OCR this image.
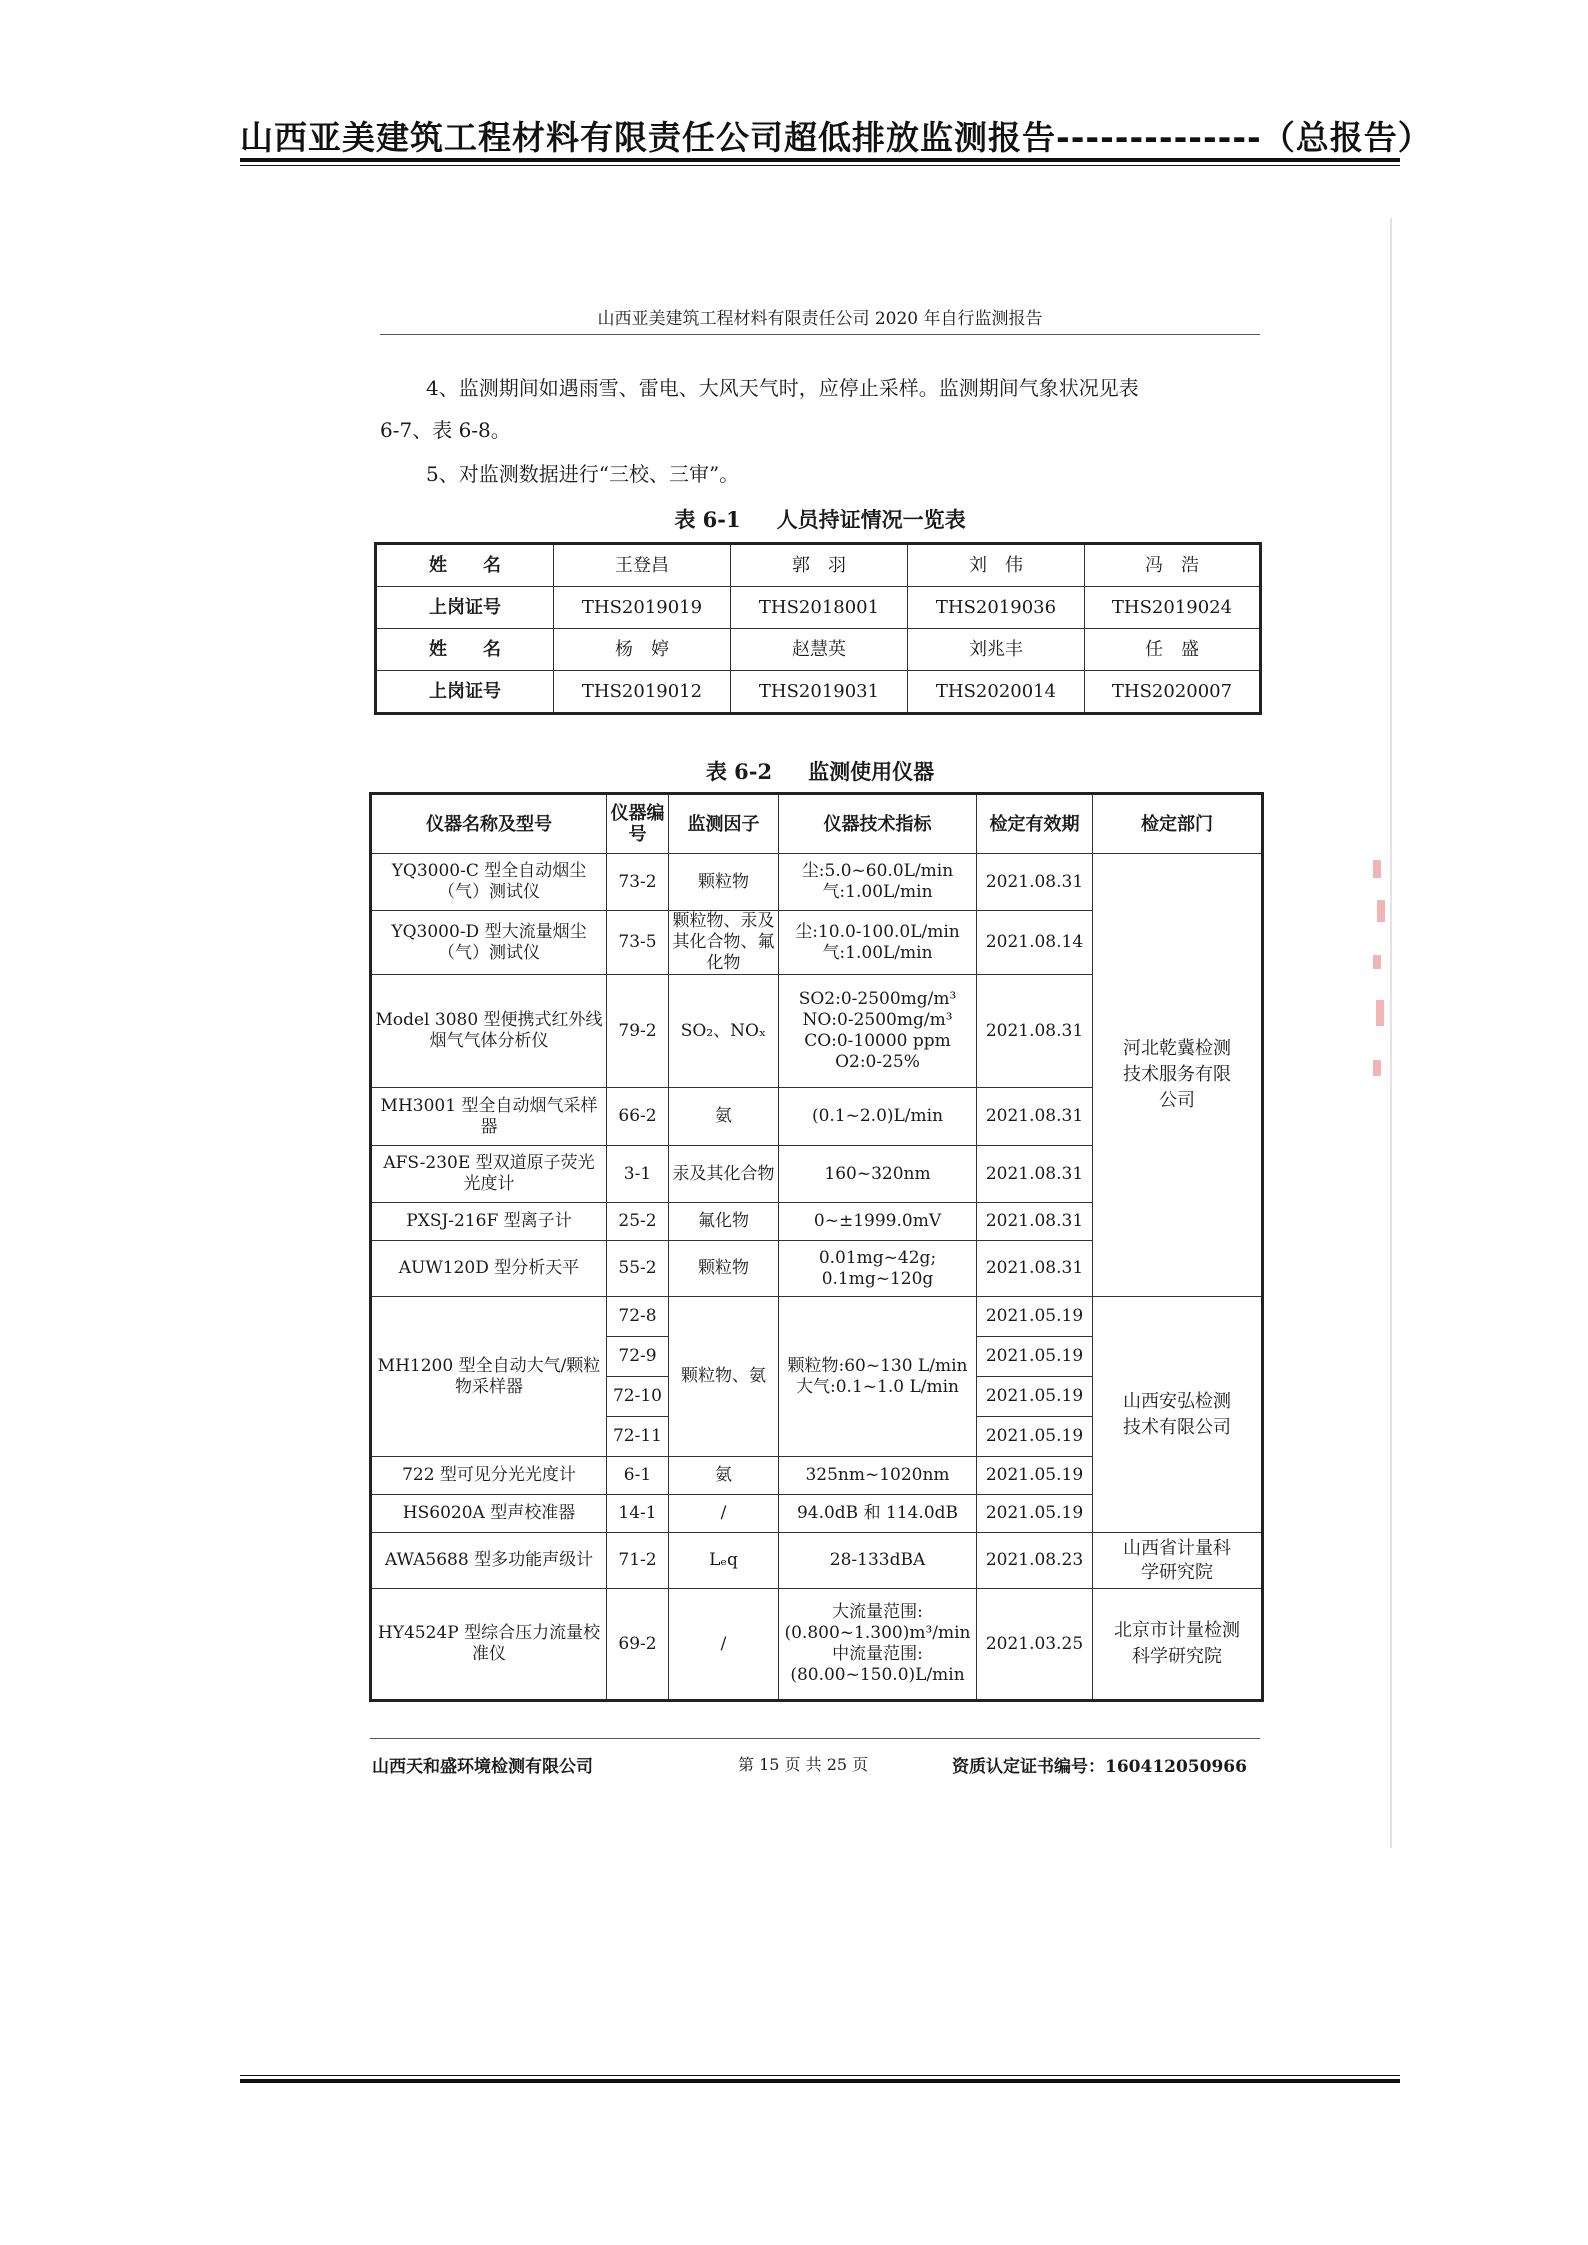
山西亚美建筑工程材料有限责任公司超低排放监测报告--------------（总报告）
山西亚美建筑工程材料有限责任公司 2020 年自行监测报告
4、监测期间如遇雨雪、雷电、大风天气时，应停止采样。监测期间气象状况见表
6-7、表 6-8。
5、对监测数据进行“三校、三审”。
表 6-1 人员持证情况一览表
姓　　名	王登昌	郭　羽	刘　伟	冯　浩
上岗证号	THS2019019	THS2018001	THS2019036	THS2019024
姓　　名	杨　婷	赵慧英	刘兆丰	任　盛
上岗证号	THS2019012	THS2019031	THS2020014	THS2020007
表 6-2 监测使用仪器
仪器名称及型号	仪器编号	监测因子	仪器技术指标	检定有效期	检定部门
YQ3000-C 型全自动烟尘（气）测试仪	73-2	颗粒物	尘:5.0~60.0L/min
气:1.00L/min	2021.08.31	河北乾冀检测技术服务有限公司
YQ3000-D 型大流量烟尘（气）测试仪	73-5	颗粒物、汞及其化合物、氟化物	尘:10.0-100.0L/min
气:1.00L/min	2021.08.14	
Model 3080 型便携式红外线烟气气体分析仪	79-2	SO₂、NOₓ	SO2:0-2500mg/m³
NO:0-2500mg/m³
CO:0-10000 ppm
O2:0-25%	2021.08.31	
MH3001 型全自动烟气采样器	66-2	氨	(0.1~2.0)L/min	2021.08.31	
AFS-230E 型双道原子荧光光度计	3-1	汞及其化合物	160~320nm	2021.08.31	
PXSJ-216F 型离子计	25-2	氟化物	0~±1999.0mV	2021.08.31	
AUW120D 型分析天平	55-2	颗粒物	0.01mg~42g;
0.1mg~120g	2021.08.31	
MH1200 型全自动大气/颗粒物采样器	72-8	颗粒物、氨	颗粒物:60~130 L/min
大气:0.1~1.0 L/min	2021.05.19	山西安弘检测技术有限公司
	72-9			2021.05.19	
	72-10			2021.05.19	
	72-11			2021.05.19	
722 型可见分光光度计	6-1	氨	325nm~1020nm	2021.05.19	
HS6020A 型声校准器	14-1	/	94.0dB 和 114.0dB	2021.05.19	
AWA5688 型多功能声级计	71-2	Lₑq	28-133dBA	2021.08.23	山西省计量科学研究院
HY4524P 型综合压力流量校准仪	69-2	/	大流量范围:
(0.800~1.300)m³/min
中流量范围:
(80.00~150.0)L/min	2021.03.25	北京市计量检测科学研究院
山西天和盛环境检测有限公司	第 15 页 共 25 页	资质认定证书编号：160412050966
